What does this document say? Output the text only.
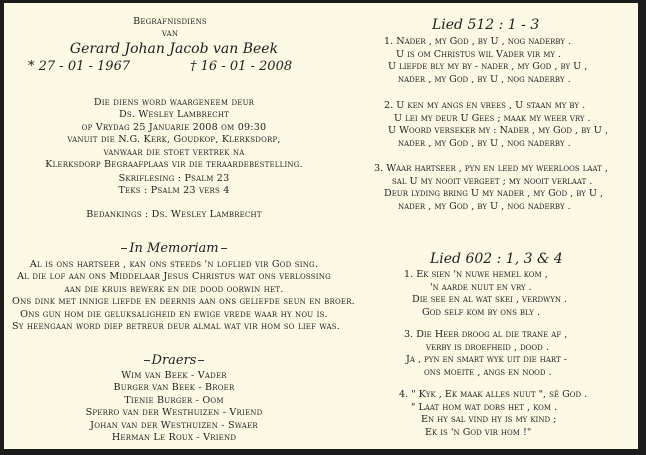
Begrafnisdiens
van
Gerard Johan Jacob van Beek
* 27 - 01 - 1967	† 16 - 01 - 2008
Die diens word waargeneem deur
Ds. Wesley Lambrecht
op Vrydag 25 Januarie 2008 om 09:30
vanuit die N.G. Kerk, Goudkop, Klerksdorp,
vanwaar die stoet vertrek na
Klerksdorp Begraafplaas vir die teraardebestelling.
Skriflesing : Psalm 23
Teks : Psalm 23 vers 4
Bedankings : Ds. Wesley Lambrecht
In Memoriam
Al is ons hartseer , kan ons steeds 'n loflied vir God sing.
Al die lof aan ons Middelaar Jesus Christus wat ons verlossing
aan die kruis bewerk en die dood oorwin het.
Ons dink met innige liefde en deernis aan ons geliefde seun en broer.
Ons gun hom die geluksaligheid en ewige vrede waar hy nou is.
Sy heengaan word diep betreur deur almal wat vir hom so lief was.
Draers
Wim van Beek - Vader
Burger van Beek - Broer
Tienie Burger - Oom
Sperro van der Westhuizen - Vriend
Johan van der Westhuizen - Swaer
Herman Le Roux - Vriend
Lied 512 : 1 - 3
1. Nader , my God , by U , nog naderby .
U is om Christus wil Vader vir my .
U liefde bly my by - nader , my God , by U ,
nader , my God , by U , nog naderby .
2. U ken my angs en vrees , U staan my by .
U lei my deur U Gees ; maak my weer vry .
U Woord verseker my : Nader , my God , by U ,
nader , my God , by U , nog naderby .
3. Waar hartseer , pyn en leed my weerloos laat ,
sal U my nooit vergeet ; my nooit verlaat .
Deur lyding bring U my nader , my God , by U ,
nader , my God , by U , nog naderby .
Lied 602 : 1, 3 & 4
1. Ek sien 'n nuwe hemel kom ,
'n aarde nuut en vry .
Die see en al wat skei , verdwyn .
God self kom by ons bly .
3. Die Heer droog al die trane af ,
verby is droefheid , dood .
Ja , pyn en smart wyk uit die hart -
ons moeite , angs en nood .
4. " Kyk , Ek maak alles nuut ", sê God .
" Laat hom wat dors het , kom .
En hy sal vind hy is my kind ;
Ek is 'n God vir hom !"
